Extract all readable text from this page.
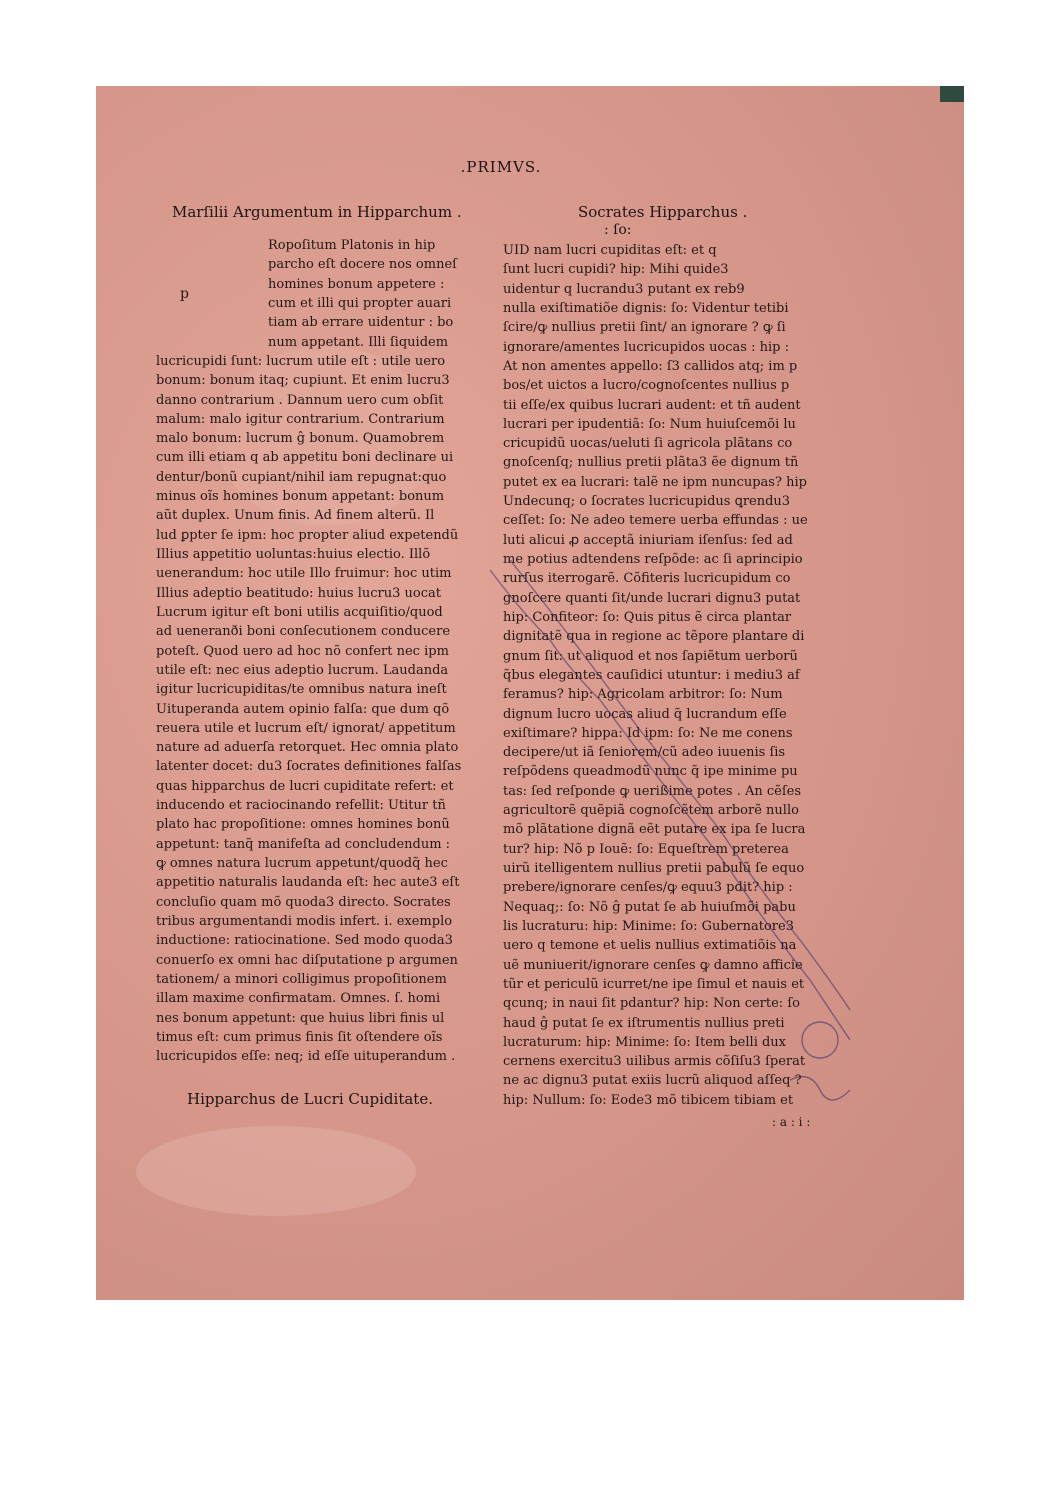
.PRIMVS.
Marſilii Argumentum in Hipparchum .	Socrates Hipparchus .
: ſo:
p
Ropoſitum Platonis in hip
parcho eſt docere nos omneſ
homines bonum appetere :
cum et illi qui propter auari
tiam ab errare uidentur : bo
num appetant. Illi ſiquidem
lucricupidi ſunt: lucrum utile eſt : utile uero
bonum: bonum itaq; cupiunt. Et enim lucru3
danno contrarium . Dannum uero cum obſit
malum: malo igitur contrarium. Contrarium
malo bonum: lucrum ĝ bonum. Quamobrem
cum illi etiam q ab appetitu boni declinare ui
dentur/bonũ cupiant/nihil iam repugnat:quo
minus oĩs homines bonum appetant: bonum
aũt duplex. Unum finis. Ad finem alterũ. Il
lud ꝑpter ſe ipm: hoc propter aliud expetendũ
Illius appetitio uoluntas:huius electio. Illõ
uenerandum: hoc utile Illo fruimur: hoc utim
Illius adeptio beatitudo: huius lucru3 uocat
Lucrum igitur eſt boni utilis acquiſitio/quod
ad ueneranði boni conſecutionem conducere
poteſt. Quod uero ad hoc nõ confert nec ipm
utile eſt: nec eius adeptio lucrum. Laudanda
igitur lucricupiditas/te omnibus natura ineſt
Uituperanda autem opinio falſa: que dum qõ
reuera utile et lucrum eſt/ ignorat/ appetitum
nature ad aduerſa retorquet. Hec omnia plato
latenter docet: du3 ſocrates definitiones falſas
quas hipparchus de lucri cupiditate refert: et
inducendo et raciocinando refellit: Utitur tñ
plato hac propoſitione: omnes homines bonũ
appetunt: tanq̃ manifeſta ad concludendum :
ꝙ omnes natura lucrum appetunt/quodq̃ hec
appetitio naturalis laudanda eſt: hec aute3 eſt
concluſio quam mõ quoda3 directo. Socrates
tribus argumentandi modis infert. i. exemplo
inductione: ratiocinatione. Sed modo quoda3
conuerſo ex omni hac diſputatione p argumen
tationem/ a minori colligimus propoſitionem
illam maxime confirmatam. Omnes. ſ. homi
nes bonum appetunt: que huius libri finis ul
timus eſt: cum primus finis ſit oſtendere oĩs
lucricupidos eſſe: neq; id eſſe uituperandum .
Hipparchus de Lucri Cupiditate.
UID nam lucri cupiditas eſt: et q
ſunt lucri cupidi? hip: Mihi quide3
uidentur q lucrandu3 putant ex reb9
nulla exiſtimatiõe dignis: ſo: Videntur tetibi
ſcire/ꝙ nullius pretii ſint/ an ignorare ? ꝙ ſi
ignorare/amentes lucricupidos uocas : hip :
At non amentes appello: ſ3 callidos atq; im p
bos/et uictos a lucro/cognoſcentes nullius p
tii eſſe/ex quibus lucrari audent: et tñ audent
lucrari per ipudentiã: ſo: Num huiuſcemõi lu
cricupidũ uocas/ueluti ſi agricola plãtans co
gnoſcenſq; nullius pretii plãta3 ẽe dignum tñ
putet ex ea lucrari: talẽ ne ipm nuncupas? hip
Undecunq; o ſocrates lucricupidus ꝗrendu3
ceſſet: ſo: Ne adeo temere uerba effundas : ue
luti alicui ꝓ acceptã iniuriam iſenſus: ſed ad
me potius adtendens reſpõde: ac ſi aprincipio
rurſus iterrogarẽ. Cõfiteris lucricupidum co
gnoſcere quanti ſit/unde lucrari dignu3 putat
hip: Confiteor: ſo: Quis pitus ẽ circa plantar
dignitatẽ qua in regione ac tẽpore plantare di
gnum ſit: ut aliquod et nos ſapiẽtum uerborũ
q̃bus elegantes cauſidici utuntur: i mediu3 af
feramus? hip: Agricolam arbitror: ſo: Num
dignum lucro uocas aliud q̃ lucrandum eſſe
exiſtimare? hippa: Id ipm: ſo: Ne me conens
decipere/ut iã ſeniorem/cũ adeo iuuenis ſis
reſpõdens queadmodũ nunc q̃ ipe minime pu
tas: ſed reſponde ꝙ uerißime potes . An cẽſes
agricultorẽ quẽpiã cognoſcẽtem arborẽ nullo
mõ plãtatione dignã eẽt putare ex ipa ſe lucra
tur? hip: Nõ p Iouẽ: ſo: Equeſtrem preterea
uirũ itelligentem nullius pretii pabulũ ſe equo
prebere/ignorare cenſes/ꝙ equu3 pdit? hip :
Nequaq;: ſo: Nõ ĝ putat ſe ab huiuſmõi pabu
lis lucraturu: hip: Minime: ſo: Gubernatore3
uero q temone et uelis nullius extimatiõis na
uẽ muniuerit/ignorare cenſes ꝙ damno afficie
tũr et periculũ icurret/ne ipe ſimul et nauis et
qcunq; in naui ſit pdantur? hip: Non certe: ſo
haud ĝ putat ſe ex iſtrumentis nullius preti
lucraturum: hip: Minime: ſo: Item belli dux
cernens exercitu3 uilibus armis cõſiſu3 ſperat
ne ac dignu3 putat exiis lucrũ aliquod aſſeq ?
hip: Nullum: ſo: Eode3 mõ tibicem tibiam et
: a : i :
